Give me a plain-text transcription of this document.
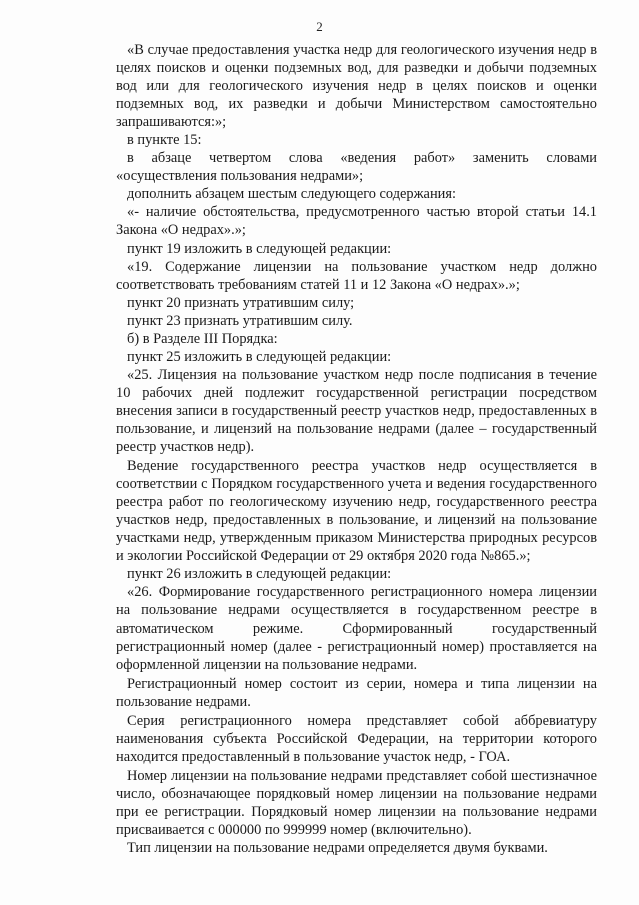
2

«В случае предоставления участка недр для геологического изучения недр в целях поисков и оценки подземных вод, для разведки и добычи подземных вод или для геологического изучения недр в целях поисков и оценки подземных вод, их разведки и добычи Министерством самостоятельно запрашиваются:»;

в пункте 15:

в абзаце четвертом слова «ведения работ» заменить словами «осуществления пользования недрами»;

дополнить абзацем шестым следующего содержания:

«- наличие обстоятельства, предусмотренного частью второй статьи 14.1 Закона «О недрах».»;

пункт 19 изложить в следующей редакции:

«19. Содержание лицензии на пользование участком недр должно соответствовать требованиям статей 11 и 12 Закона «О недрах».»;

пункт 20 признать утратившим силу;

пункт 23 признать утратившим силу.

б) в Разделе III Порядка:

пункт 25 изложить в следующей редакции:

«25. Лицензия на пользование участком недр после подписания в течение 10 рабочих дней подлежит государственной регистрации посредством внесения записи в государственный реестр участков недр, предоставленных в пользование, и лицензий на пользование недрами (далее – государственный реестр участков недр).

Ведение государственного реестра участков недр осуществляется в соответствии с Порядком государственного учета и ведения государственного реестра работ по геологическому изучению недр, государственного реестра участков недр, предоставленных в пользование, и лицензий на пользование участками недр, утвержденным приказом Министерства природных ресурсов и экологии Российской Федерации от 29 октября 2020 года №865.»;

пункт 26 изложить в следующей редакции:

«26. Формирование государственного регистрационного номера лицензии на пользование недрами осуществляется в государственном реестре в автоматическом режиме. Сформированный государственный регистрационный номер (далее - регистрационный номер) проставляется на оформленной лицензии на пользование недрами.

Регистрационный номер состоит из серии, номера и типа лицензии на пользование недрами.

Серия регистрационного номера представляет собой аббревиатуру наименования субъекта Российской Федерации, на территории которого находится предоставленный в пользование участок недр, - ГОА.

Номер лицензии на пользование недрами представляет собой шестизначное число, обозначающее порядковый номер лицензии на пользование недрами при ее регистрации. Порядковый номер лицензии на пользование недрами присваивается с 000000 по 999999 номер (включительно).

Тип лицензии на пользование недрами определяется двумя буквами.
